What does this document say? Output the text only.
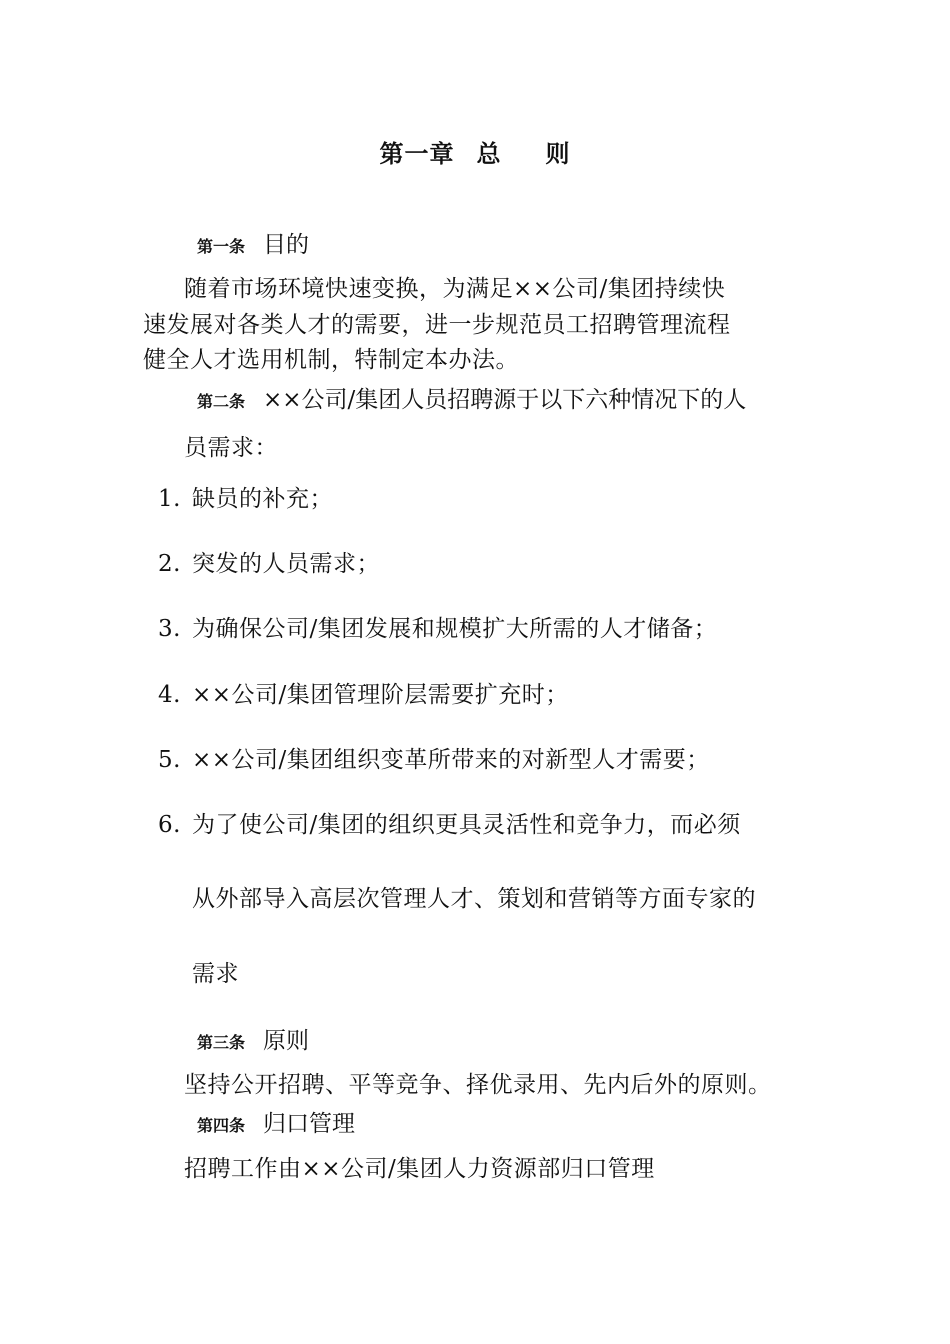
第一章 总 则
第一条 目的
随着市场环境快速变换，为满足××公司/集团持续快
速发展对各类人才的需要，进一步规范员工招聘管理流程
健全人才选用机制，特制定本办法。
第二条 ××公司/集团人员招聘源于以下六种情况下的人
员需求：
1. 缺员的补充；
2. 突发的人员需求；
3. 为确保公司/集团发展和规模扩大所需的人才储备；
4. ××公司/集团管理阶层需要扩充时；
5. ××公司/集团组织变革所带来的对新型人才需要；
6. 为了使公司/集团的组织更具灵活性和竞争力，而必须
从外部导入高层次管理人才、策划和营销等方面专家的
需求
第三条 原则
坚持公开招聘、平等竞争、择优录用、先内后外的原则。
第四条 归口管理
招聘工作由××公司/集团人力资源部归口管理
